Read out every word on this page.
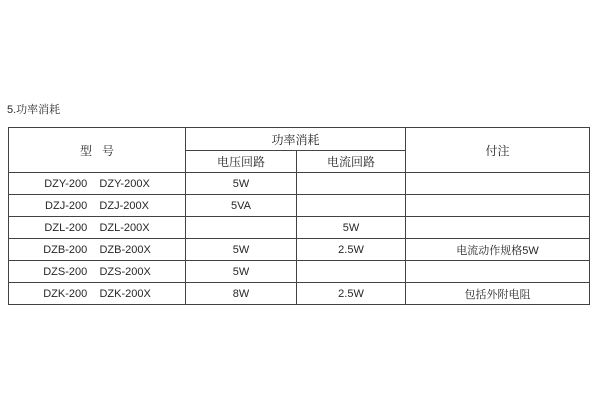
5.功率消耗
型   号	功率消耗		付注
	电压回路	电流回路	
DZY-200    DZY-200X	5W		
DZJ-200    DZJ-200X	5VA		
DZL-200    DZL-200X		5W	
DZB-200    DZB-200X	5W	2.5W	电流动作规格5W
DZS-200    DZS-200X	5W		
DZK-200    DZK-200X	8W	2.5W	包括外附电阻
